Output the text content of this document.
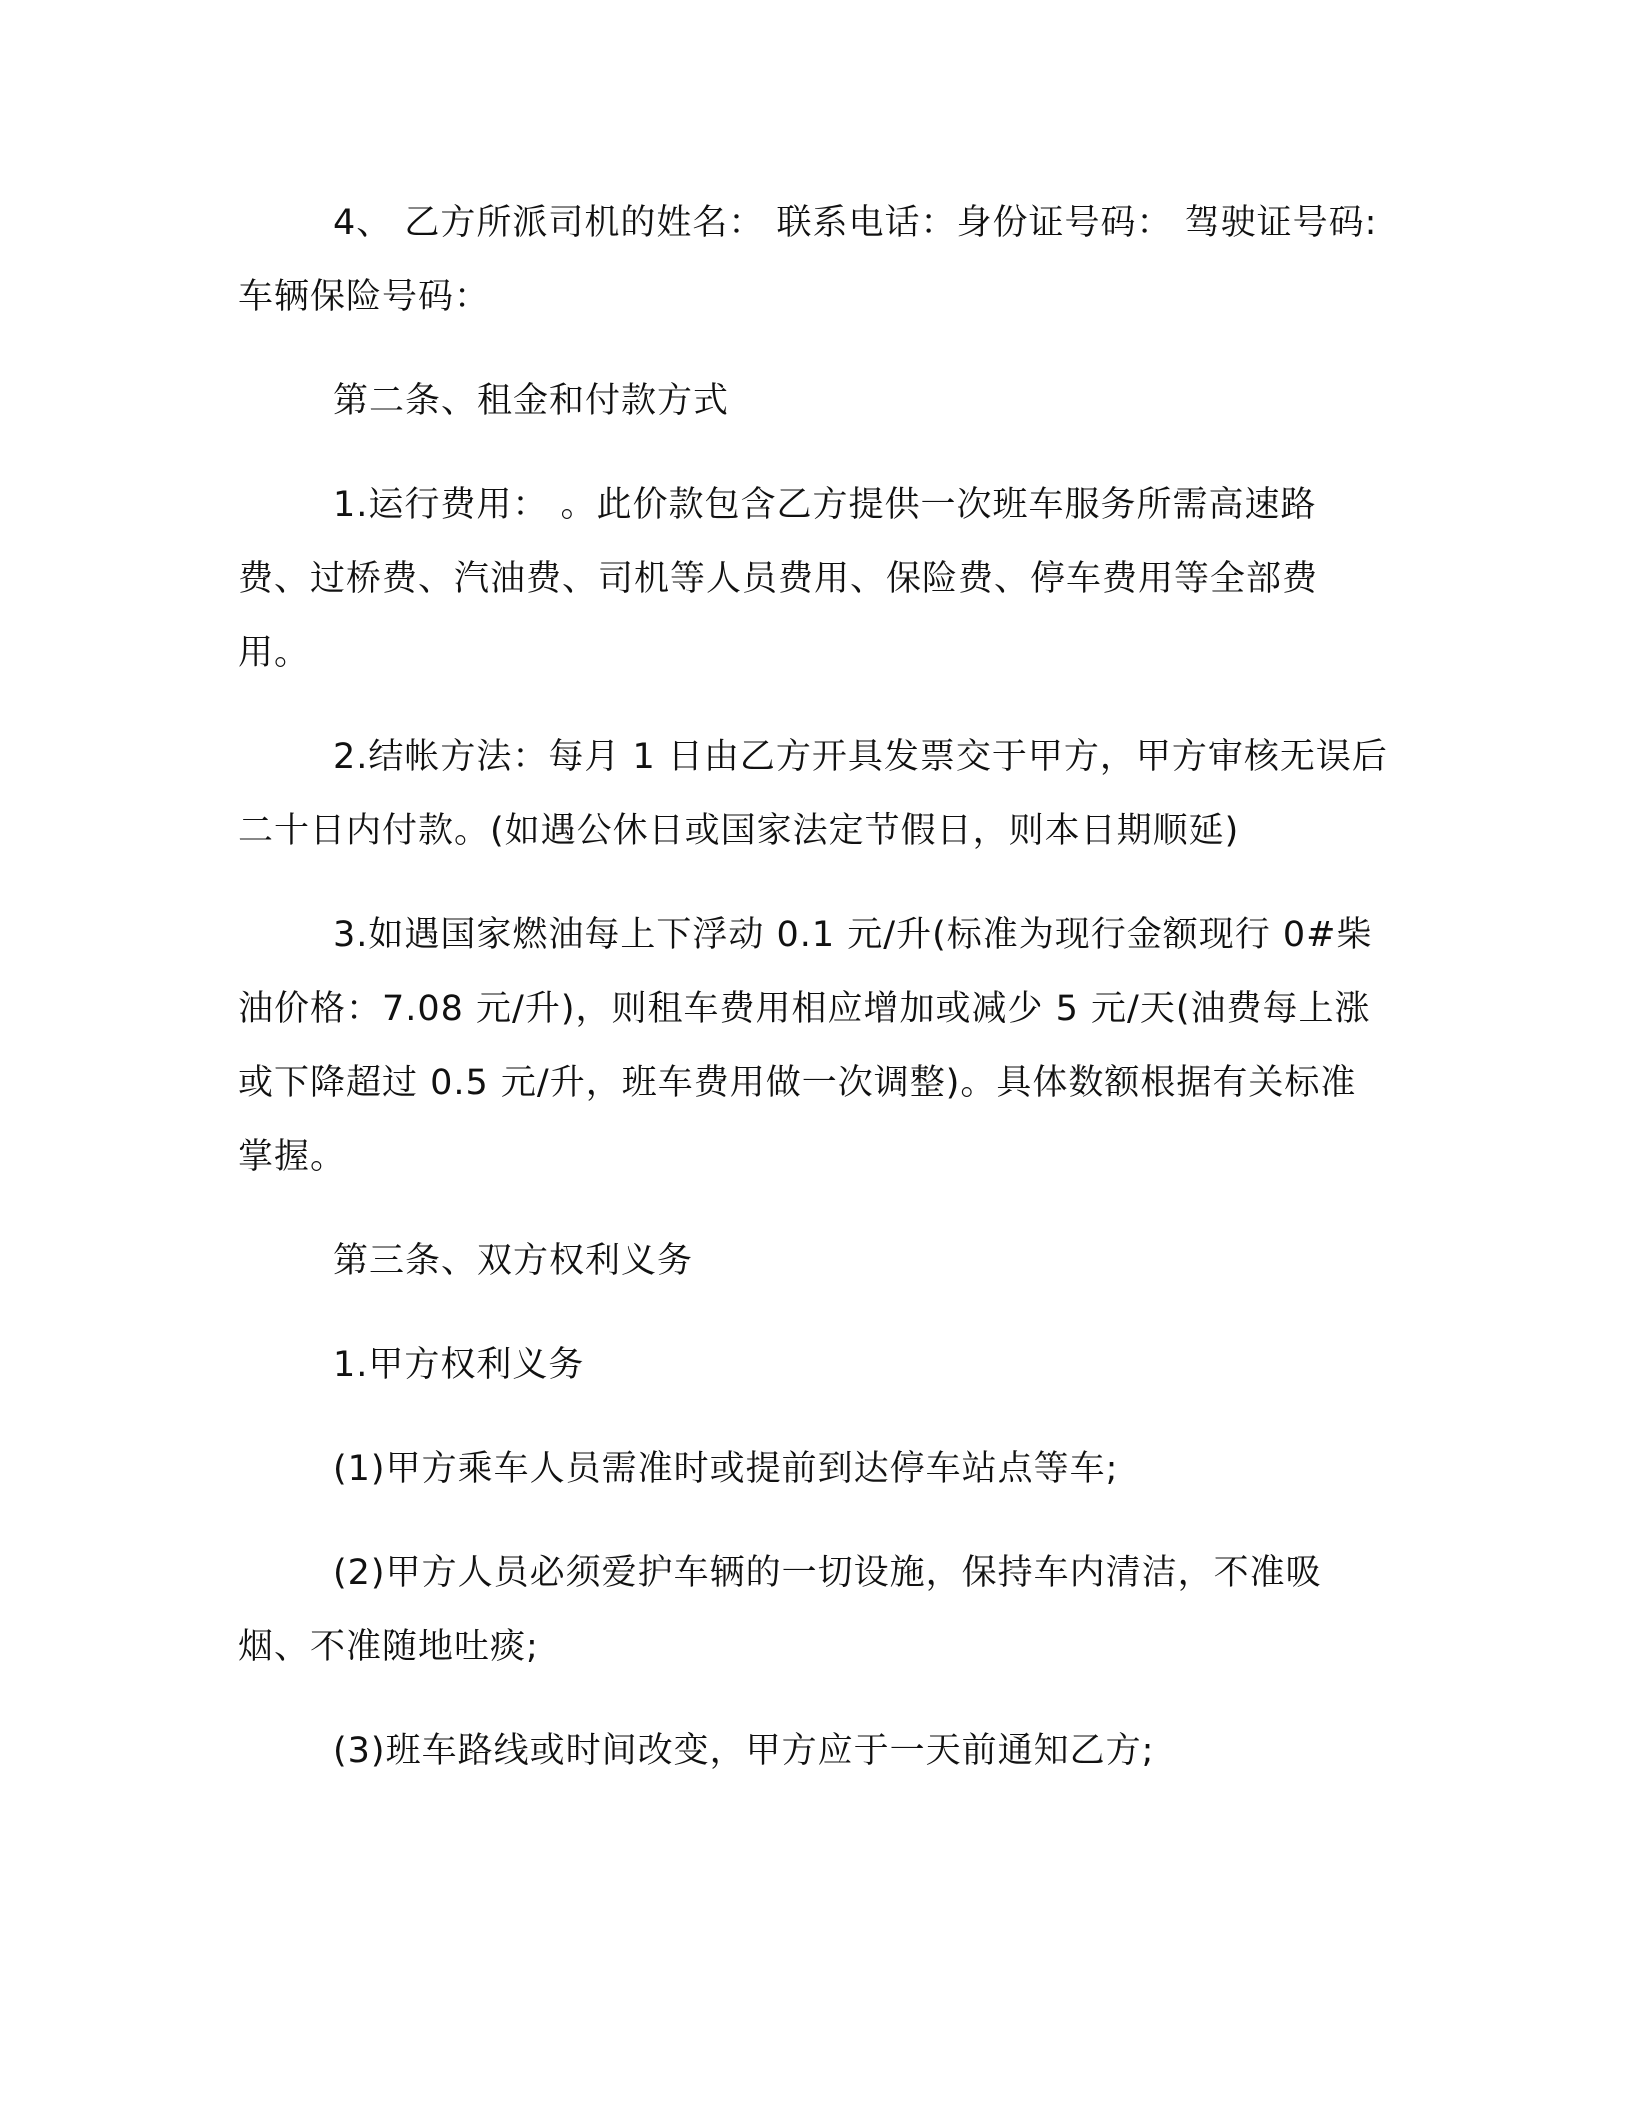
4、 乙方所派司机的姓名： 联系电话：身份证号码： 驾驶证号码: 车辆保险号码：

第二条、租金和付款方式

1.运行费用： 。此价款包含乙方提供一次班车服务所需高速路费、过桥费、汽油费、司机等人员费用、保险费、停车费用等全部费用。

2.结帐方法：每月 1 日由乙方开具发票交于甲方，甲方审核无误后二十日内付款。(如遇公休日或国家法定节假日，则本日期顺延)

3.如遇国家燃油每上下浮动 0.1 元/升(标准为现行金额现行 0#柴油价格：7.08 元/升)，则租车费用相应增加或减少 5 元/天(油费每上涨或下降超过 0.5 元/升，班车费用做一次调整)。具体数额根据有关标准掌握。

第三条、双方权利义务

1.甲方权利义务

(1)甲方乘车人员需准时或提前到达停车站点等车;

(2)甲方人员必须爱护车辆的一切设施，保持车内清洁，不准吸烟、不准随地吐痰;

(3)班车路线或时间改变，甲方应于一天前通知乙方;
